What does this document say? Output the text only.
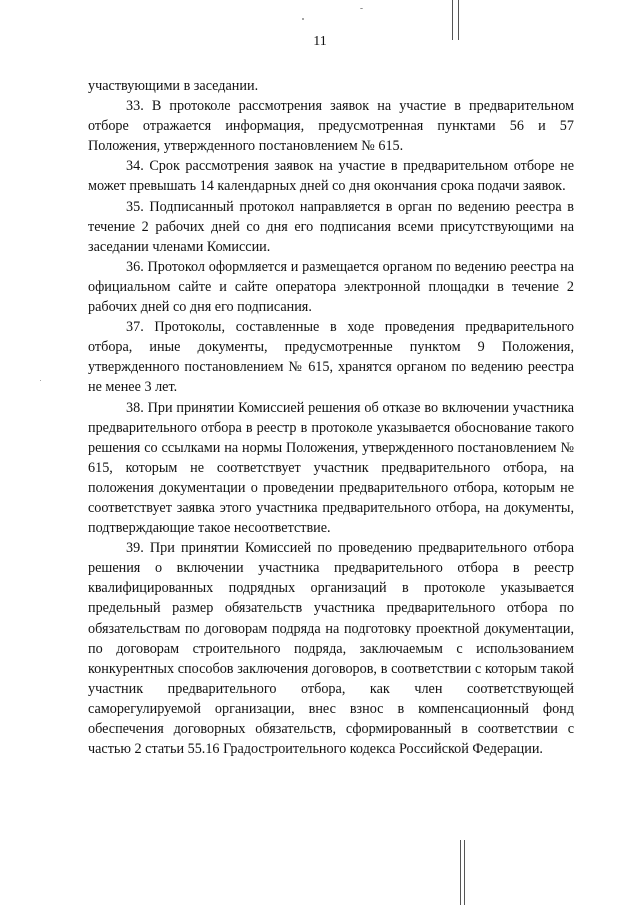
11

участвующими в заседании.

33. В протоколе рассмотрения заявок на участие в предварительном отборе отражается информация, предусмотренная пунктами 56 и 57 Положения, утвержденного постановлением № 615.

34. Срок рассмотрения заявок на участие в предварительном отборе не может превышать 14 календарных дней со дня окончания срока подачи заявок.

35. Подписанный протокол направляется в орган по ведению реестра в течение 2 рабочих дней со дня его подписания всеми присутствующими на заседании членами Комиссии.

36. Протокол оформляется и размещается органом по ведению реестра на официальном сайте и сайте оператора электронной площадки в течение 2 рабочих дней со дня его подписания.

37. Протоколы, составленные в ходе проведения предварительного отбора, иные документы, предусмотренные пунктом 9 Положения, утвержденного постановлением № 615, хранятся органом по ведению реестра не менее 3 лет.

38. При принятии Комиссией решения об отказе во включении участника предварительного отбора в реестр в протоколе указывается обоснование такого решения со ссылками на нормы Положения, утвержденного постановлением № 615, которым не соответствует участник предварительного отбора, на положения документации о проведении предварительного отбора, которым не соответствует заявка этого участника предварительного отбора, на документы, подтверждающие такое несоответствие.

39. При принятии Комиссией по проведению предварительного отбора решения о включении участника предварительного отбора в реестр квалифицированных подрядных организаций в протоколе указывается предельный размер обязательств участника предварительного отбора по обязательствам по договорам подряда на подготовку проектной документации, по договорам строительного подряда, заключаемым с использованием конкурентных способов заключения договоров, в соответствии с которым такой участник предварительного отбора, как член соответствующей саморегулируемой организации, внес взнос в компенсационный фонд обеспечения договорных обязательств, сформированный в соответствии с частью 2 статьи 55.16 Градостроительного кодекса Российской Федерации.
